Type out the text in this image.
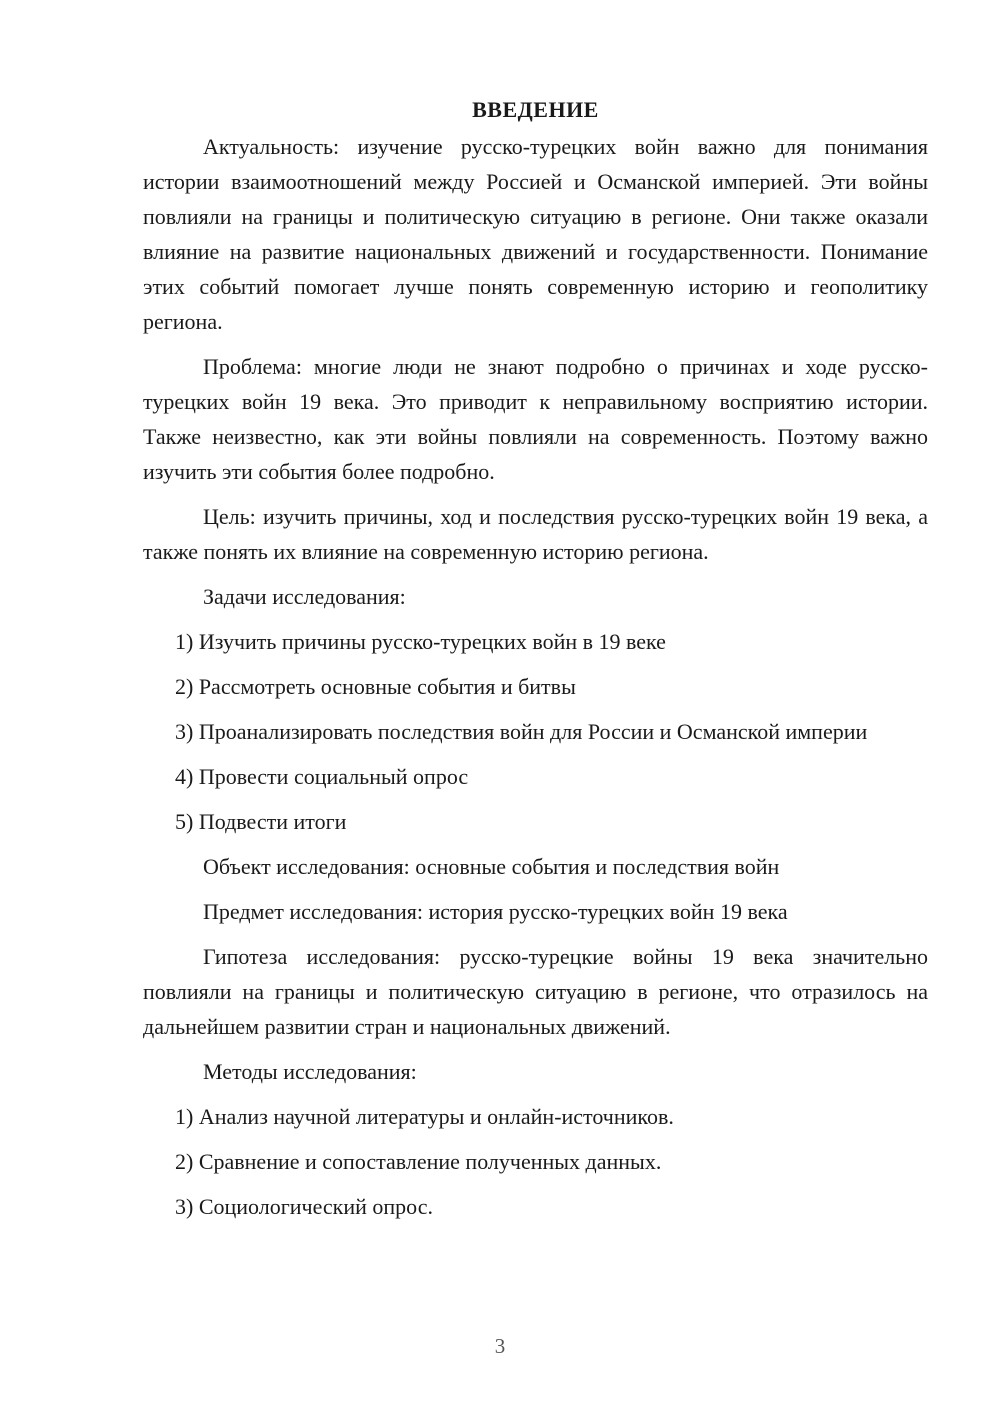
ВВЕДЕНИЕ

Актуальность: изучение русско-турецких войн важно для понимания истории взаимоотношений между Россией и Османской империей. Эти войны повлияли на границы и политическую ситуацию в регионе. Они также оказали влияние на развитие национальных движений и государственности. Понимание этих событий помогает лучше понять современную историю и геополитику региона.

Проблема: многие люди не знают подробно о причинах и ходе русско-турецких войн 19 века. Это приводит к неправильному восприятию истории. Также неизвестно, как эти войны повлияли на современность. Поэтому важно изучить эти события более подробно.

Цель: изучить причины, ход и последствия русско-турецких войн 19 века, а также понять их влияние на современную историю региона.

Задачи исследования:

1) Изучить причины русско-турецких войн в 19 веке

2) Рассмотреть основные события и битвы

3) Проанализировать последствия войн для России и Османской империи

4) Провести социальный опрос

5) Подвести итоги

Объект исследования: основные события и последствия войн

Предмет исследования: история русско-турецких войн 19 века

Гипотеза исследования: русско-турецкие войны 19 века значительно повлияли на границы и политическую ситуацию в регионе, что отразилось на дальнейшем развитии стран и национальных движений.

Методы исследования:

1) Анализ научной литературы и онлайн-источников.

2) Сравнение и сопоставление полученных данных.

3) Социологический опрос.

3
